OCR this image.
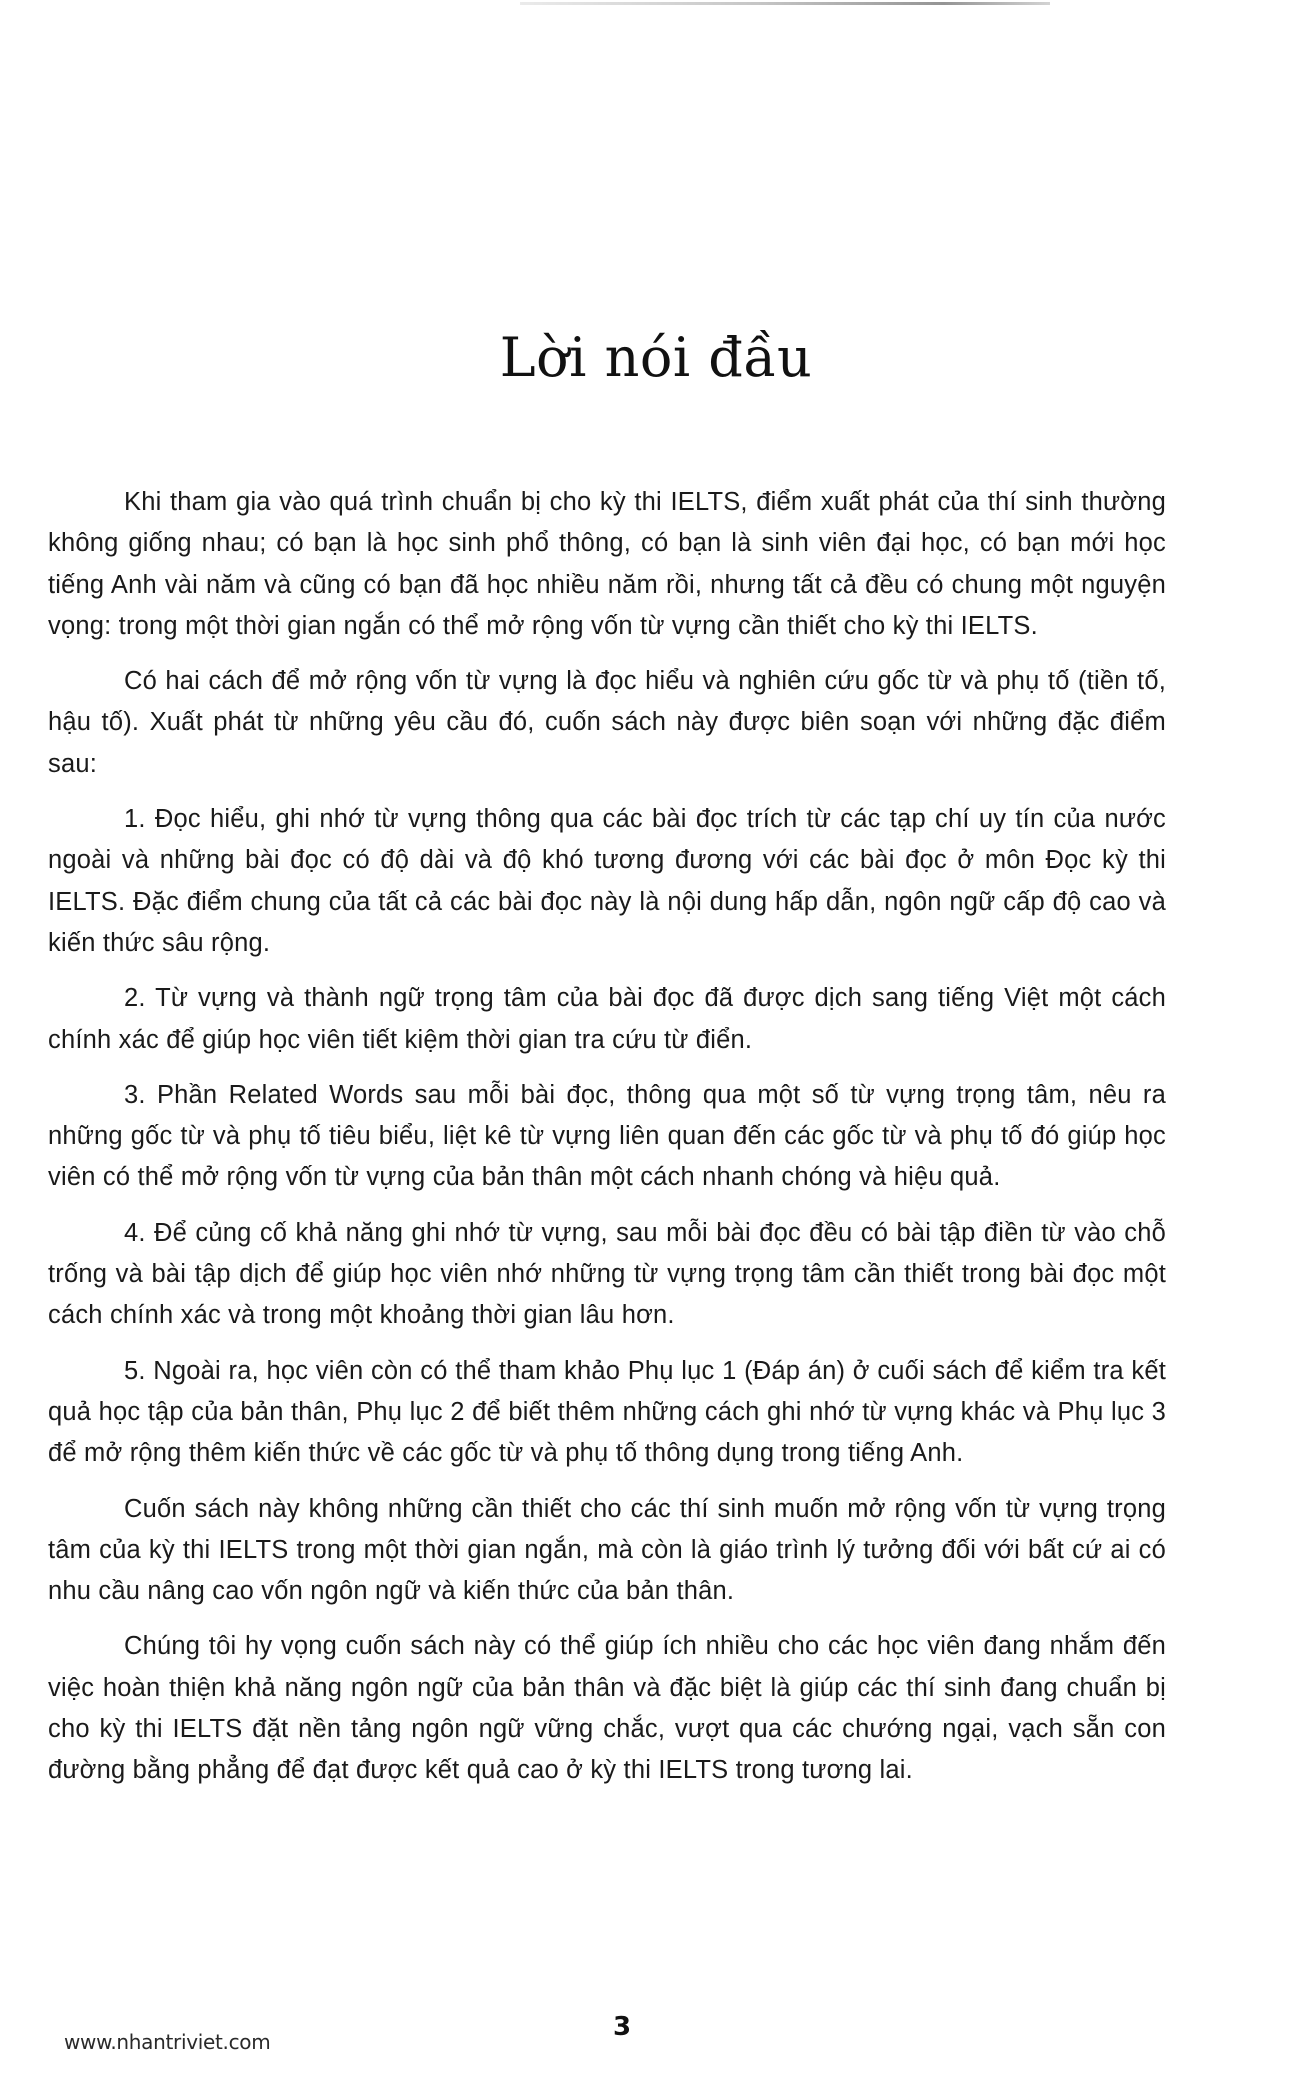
Lời nói đầu

Khi tham gia vào quá trình chuẩn bị cho kỳ thi IELTS, điểm xuất phát của thí sinh thường không giống nhau; có bạn là học sinh phổ thông, có bạn là sinh viên đại học, có bạn mới học tiếng Anh vài năm và cũng có bạn đã học nhiều năm rồi, nhưng tất cả đều có chung một nguyện vọng: trong một thời gian ngắn có thể mở rộng vốn từ vựng cần thiết cho kỳ thi IELTS.

Có hai cách để mở rộng vốn từ vựng là đọc hiểu và nghiên cứu gốc từ và phụ tố (tiền tố, hậu tố). Xuất phát từ những yêu cầu đó, cuốn sách này được biên soạn với những đặc điểm sau:

1. Đọc hiểu, ghi nhớ từ vựng thông qua các bài đọc trích từ các tạp chí uy tín của nước ngoài và những bài đọc có độ dài và độ khó tương đương với các bài đọc ở môn Đọc kỳ thi IELTS. Đặc điểm chung của tất cả các bài đọc này là nội dung hấp dẫn, ngôn ngữ cấp độ cao và kiến thức sâu rộng.

2. Từ vựng và thành ngữ trọng tâm của bài đọc đã được dịch sang tiếng Việt một cách chính xác để giúp học viên tiết kiệm thời gian tra cứu từ điển.

3. Phần Related Words sau mỗi bài đọc, thông qua một số từ vựng trọng tâm, nêu ra những gốc từ và phụ tố tiêu biểu, liệt kê từ vựng liên quan đến các gốc từ và phụ tố đó giúp học viên có thể mở rộng vốn từ vựng của bản thân một cách nhanh chóng và hiệu quả.

4. Để củng cố khả năng ghi nhớ từ vựng, sau mỗi bài đọc đều có bài tập điền từ vào chỗ trống và bài tập dịch để giúp học viên nhớ những từ vựng trọng tâm cần thiết trong bài đọc một cách chính xác và trong một khoảng thời gian lâu hơn.

5. Ngoài ra, học viên còn có thể tham khảo Phụ lục 1 (Đáp án) ở cuối sách để kiểm tra kết quả học tập của bản thân, Phụ lục 2 để biết thêm những cách ghi nhớ từ vựng khác và Phụ lục 3 để mở rộng thêm kiến thức về các gốc từ và phụ tố thông dụng trong tiếng Anh.

Cuốn sách này không những cần thiết cho các thí sinh muốn mở rộng vốn từ vựng trọng tâm của kỳ thi IELTS trong một thời gian ngắn, mà còn là giáo trình lý tưởng đối với bất cứ ai có nhu cầu nâng cao vốn ngôn ngữ và kiến thức của bản thân.

Chúng tôi hy vọng cuốn sách này có thể giúp ích nhiều cho các học viên đang nhắm đến việc hoàn thiện khả năng ngôn ngữ của bản thân và đặc biệt là giúp các thí sinh đang chuẩn bị cho kỳ thi IELTS đặt nền tảng ngôn ngữ vững chắc, vượt qua các chướng ngại, vạch sẵn con đường bằng phẳng để đạt được kết quả cao ở kỳ thi IELTS trong tương lai.

www.nhantriviet.com	3
